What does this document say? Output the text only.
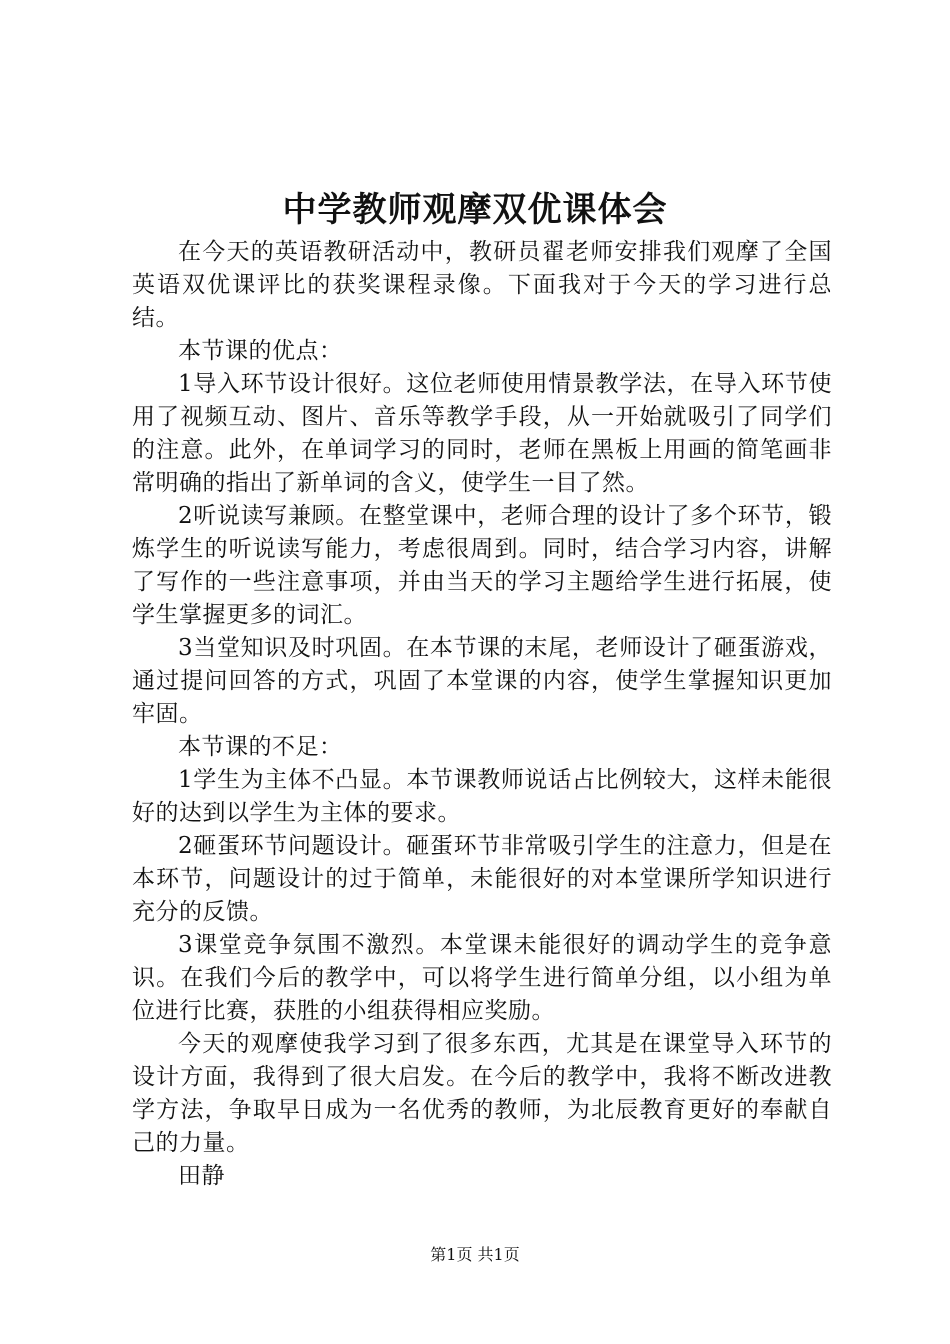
中学教师观摩双优课体会

在今天的英语教研活动中，教研员翟老师安排我们观摩了全国英语双优课评比的获奖课程录像。下面我对于今天的学习进行总结。

本节课的优点：

1导入环节设计很好。这位老师使用情景教学法，在导入环节使用了视频互动、图片、音乐等教学手段，从一开始就吸引了同学们的注意。此外，在单词学习的同时，老师在黑板上用画的简笔画非常明确的指出了新单词的含义，使学生一目了然。

2听说读写兼顾。在整堂课中，老师合理的设计了多个环节，锻炼学生的听说读写能力，考虑很周到。同时，结合学习内容，讲解了写作的一些注意事项，并由当天的学习主题给学生进行拓展，使学生掌握更多的词汇。

3当堂知识及时巩固。在本节课的末尾，老师设计了砸蛋游戏，通过提问回答的方式，巩固了本堂课的内容，使学生掌握知识更加牢固。

本节课的不足：

1学生为主体不凸显。本节课教师说话占比例较大，这样未能很好的达到以学生为主体的要求。

2砸蛋环节问题设计。砸蛋环节非常吸引学生的注意力，但是在本环节，问题设计的过于简单，未能很好的对本堂课所学知识进行充分的反馈。

3课堂竞争氛围不激烈。本堂课未能很好的调动学生的竞争意识。在我们今后的教学中，可以将学生进行简单分组，以小组为单位进行比赛，获胜的小组获得相应奖励。

今天的观摩使我学习到了很多东西，尤其是在课堂导入环节的设计方面，我得到了很大启发。在今后的教学中，我将不断改进教学方法，争取早日成为一名优秀的教师，为北辰教育更好的奉献自己的力量。

田静

第1页 共1页
